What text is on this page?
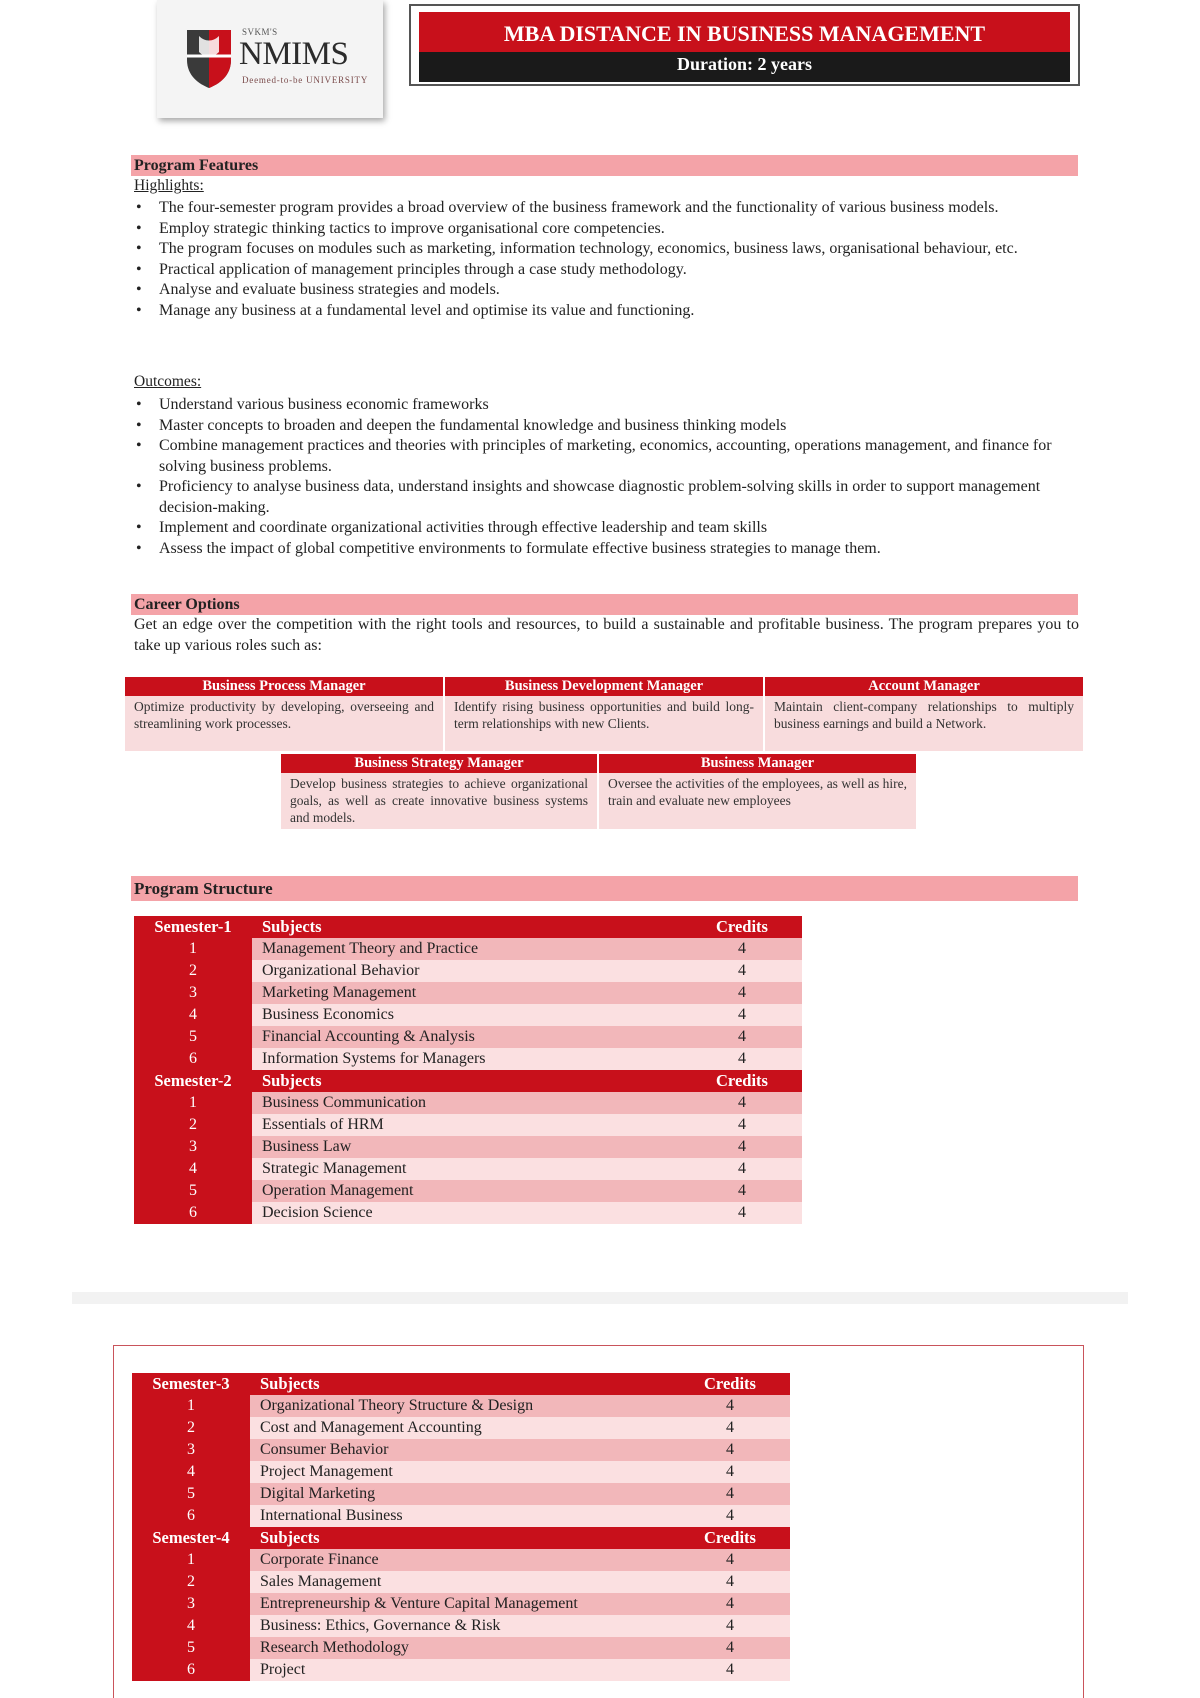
SVKM'S
NMIMS
Deemed-to-be UNIVERSITY
MBA DISTANCE IN BUSINESS MANAGEMENT
Duration: 2 years
Program Features
Highlights:
• The four-semester program provides a broad overview of the business framework and the functionality of various business models.
• Employ strategic thinking tactics to improve organisational core competencies.
• The program focuses on modules such as marketing, information technology, economics, business laws, organisational behaviour, etc.
• Practical application of management principles through a case study methodology.
• Analyse and evaluate business strategies and models.
• Manage any business at a fundamental level and optimise its value and functioning.
Outcomes:
• Understand various business economic frameworks
• Master concepts to broaden and deepen the fundamental knowledge and business thinking models
• Combine management practices and theories with principles of marketing, economics, accounting, operations management, and finance for solving business problems.
• Proficiency to analyse business data, understand insights and showcase diagnostic problem-solving skills in order to support management decision-making.
• Implement and coordinate organizational activities through effective leadership and team skills
• Assess the impact of global competitive environments to formulate effective business strategies to manage them.
Career Options
Get an edge over the competition with the right tools and resources, to build a sustainable and profitable business. The program prepares you to take up various roles such as:
Business Process Manager
Optimize productivity by developing, overseeing and streamlining work processes.
Business Development Manager
Identify rising business opportunities and build long-term relationships with new Clients.
Account Manager
Maintain client-company relationships to multiply business earnings and build a Network.
Business Strategy Manager
Develop business strategies to achieve organizational goals, as well as create innovative business systems and models.
Business Manager
Oversee the activities of the employees, as well as hire, train and evaluate new employees
Program Structure
Semester-1	Subjects	Credits
1	Management Theory and Practice	4
2	Organizational Behavior	4
3	Marketing Management	4
4	Business Economics	4
5	Financial Accounting & Analysis	4
6	Information Systems for Managers	4
Semester-2	Subjects	Credits
1	Business Communication	4
2	Essentials of HRM	4
3	Business Law	4
4	Strategic Management	4
5	Operation Management	4
6	Decision Science	4
Semester-3	Subjects	Credits
1	Organizational Theory Structure & Design	4
2	Cost and Management Accounting	4
3	Consumer Behavior	4
4	Project Management	4
5	Digital Marketing	4
6	International Business	4
Semester-4	Subjects	Credits
1	Corporate Finance	4
2	Sales Management	4
3	Entrepreneurship & Venture Capital Management	4
4	Business: Ethics, Governance & Risk	4
5	Research Methodology	4
6	Project	4
